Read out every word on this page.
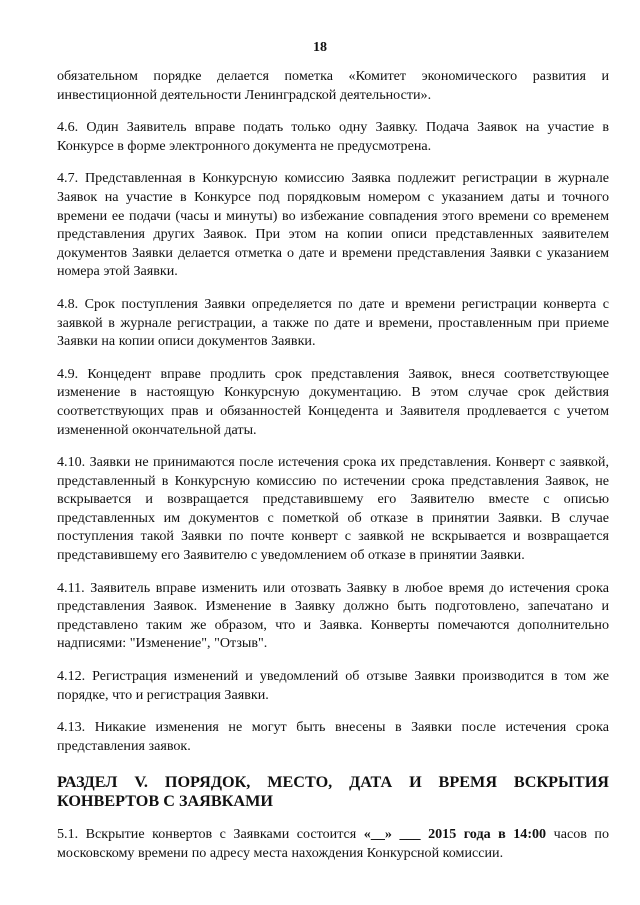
18

обязательном порядке делается пометка «Комитет экономического развития и инвестиционной деятельности Ленинградской деятельности».

4.6. Один Заявитель вправе подать только одну Заявку. Подача Заявок на участие в Конкурсе в форме электронного документа не предусмотрена.

4.7. Представленная в Конкурсную комиссию Заявка подлежит регистрации в журнале Заявок на участие в Конкурсе под порядковым номером с указанием даты и точного времени ее подачи (часы и минуты) во избежание совпадения этого времени со временем представления других Заявок. При этом на копии описи представленных заявителем документов Заявки делается отметка о дате и времени представления Заявки с указанием номера этой Заявки.

4.8. Срок поступления Заявки определяется по дате и времени регистрации конверта с заявкой в журнале регистрации, а также по дате и времени, проставленным при приеме Заявки на копии описи документов Заявки.

4.9. Концедент вправе продлить срок представления Заявок, внеся соответствующее изменение в настоящую Конкурсную документацию. В этом случае срок действия соответствующих прав и обязанностей Концедента и Заявителя продлевается с учетом измененной окончательной даты.

4.10. Заявки не принимаются после истечения срока их представления. Конверт с заявкой, представленный в Конкурсную комиссию по истечении срока представления Заявок, не вскрывается и возвращается представившему его Заявителю вместе с описью представленных им документов с пометкой об отказе в принятии Заявки. В случае поступления такой Заявки по почте конверт с заявкой не вскрывается и возвращается представившему его Заявителю с уведомлением об отказе в принятии Заявки.

4.11. Заявитель вправе изменить или отозвать Заявку в любое время до истечения срока представления Заявок. Изменение в Заявку должно быть подготовлено, запечатано и представлено таким же образом, что и Заявка. Конверты помечаются дополнительно надписями: "Изменение", "Отзыв".

4.12. Регистрация изменений и уведомлений об отзыве Заявки производится в том же порядке, что и регистрация Заявки.

4.13. Никакие изменения не могут быть внесены в Заявки после истечения срока представления заявок.

РАЗДЕЛ V. ПОРЯДОК, МЕСТО, ДАТА И ВРЕМЯ ВСКРЫТИЯ КОНВЕРТОВ С ЗАЯВКАМИ

5.1. Вскрытие конвертов с Заявками состоится «__» ___ 2015 года в 14:00 часов по московскому времени по адресу места нахождения Конкурсной комиссии.
